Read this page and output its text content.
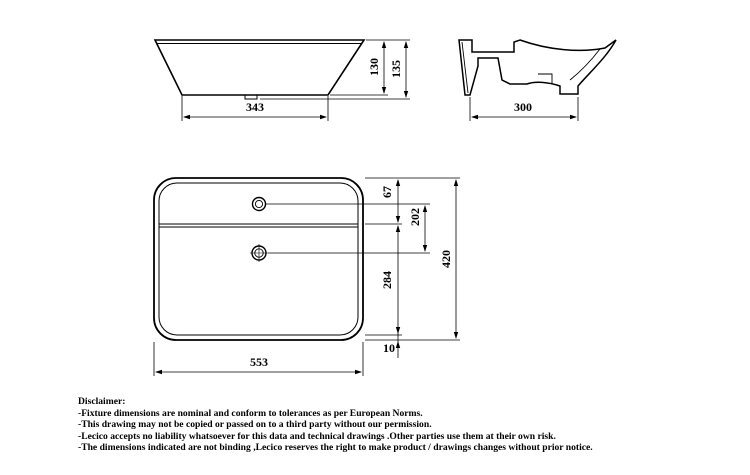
343
130 135
300
67
202
284
10
420
553
Disclaimer:
-Fixture dimensions are nominal and conform to tolerances as per European Norms.
-This drawing may not be copied or passed on to a third party without our permission.
-Lecico accepts no liability whatsoever for this data and technical drawings .Other parties use them at their own risk.
-The dimensions indicated are not binding ,Lecico reserves the right to make product / drawings changes without prior notice.
